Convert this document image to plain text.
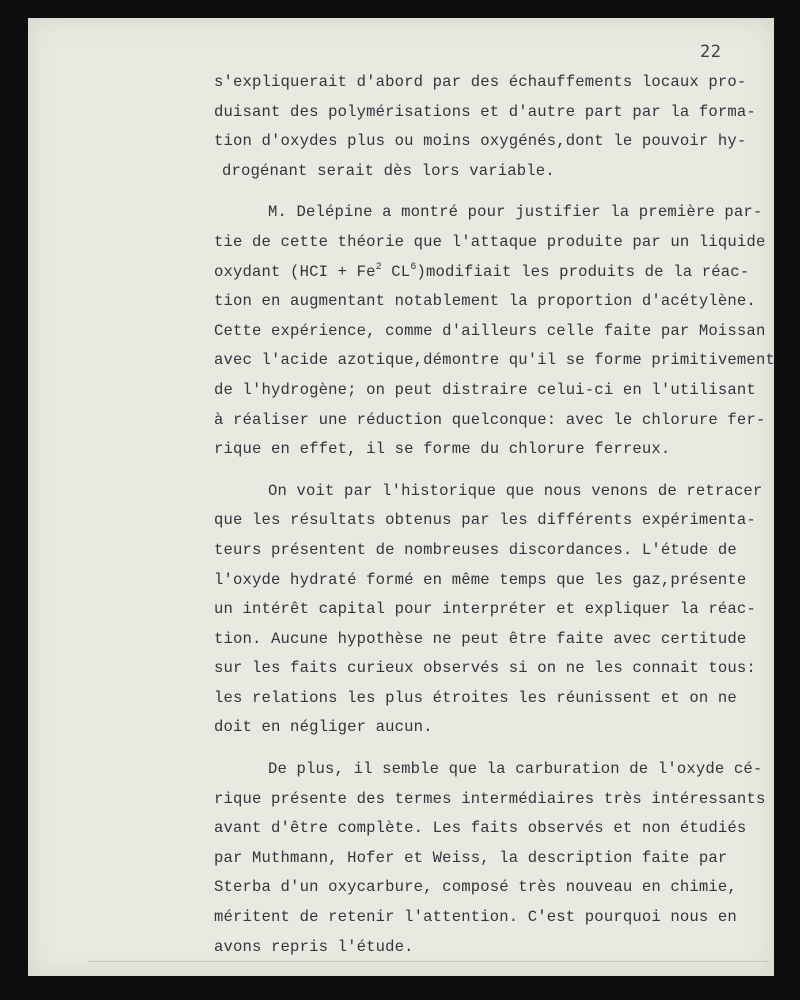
22
s'expliquerait d'abord par des échauffements locaux pro-
duisant des polymérisations et d'autre part par la forma-
tion d'oxydes plus ou moins oxygénés,dont le pouvoir hy-
drogénant serait dès lors variable.
M. Delépine a montré pour justifier la première par-
tie de cette théorie que l'attaque produite par un liquide
oxydant ($HCI + Fe^2$ $CL^6)modifiait$ les produits de la réac-
tion en augmentant notablement la proportion d'acétylène.
Cette expérience, comme d'ailleurs celle faite par Moissan
avec l'acide azotique,démontre qu'il se forme primitivement
de l'hydrogène; on peut distraire celui-ci en l'utilisant
à réaliser une réduction quelconque: avec le chlorure fer-
rique en effet, il se forme du chlorure ferreux.
On voit par l'historique que nous venons de retracer
que les résultats obtenus par les différents expérimenta-
teurs présentent de nombreuses discordances. L'étude de
l'oxyde hydraté formé en même temps que les gaz,présente
un intérêt capital pour interpréter et expliquer la réac-
tion. Aucune hypothèse ne peut être faite avec certitude
sur les faits curieux observés si on ne les connait tous:
les relations les plus étroites les réunissent et on ne
doit en négliger aucun.
De plus, il semble que la carburation de l'oxyde cé-
rique présente des termes intermédiaires très intéressants
avant d'être complète. Les faits observés et non étudiés
par Muthmann, Hofer et Weiss, la description faite par
Sterba d'un oxycarbure, composé très nouveau en chimie,
méritent de retenir l'attention. C'est pourquoi nous en
avons repris l'étude.
